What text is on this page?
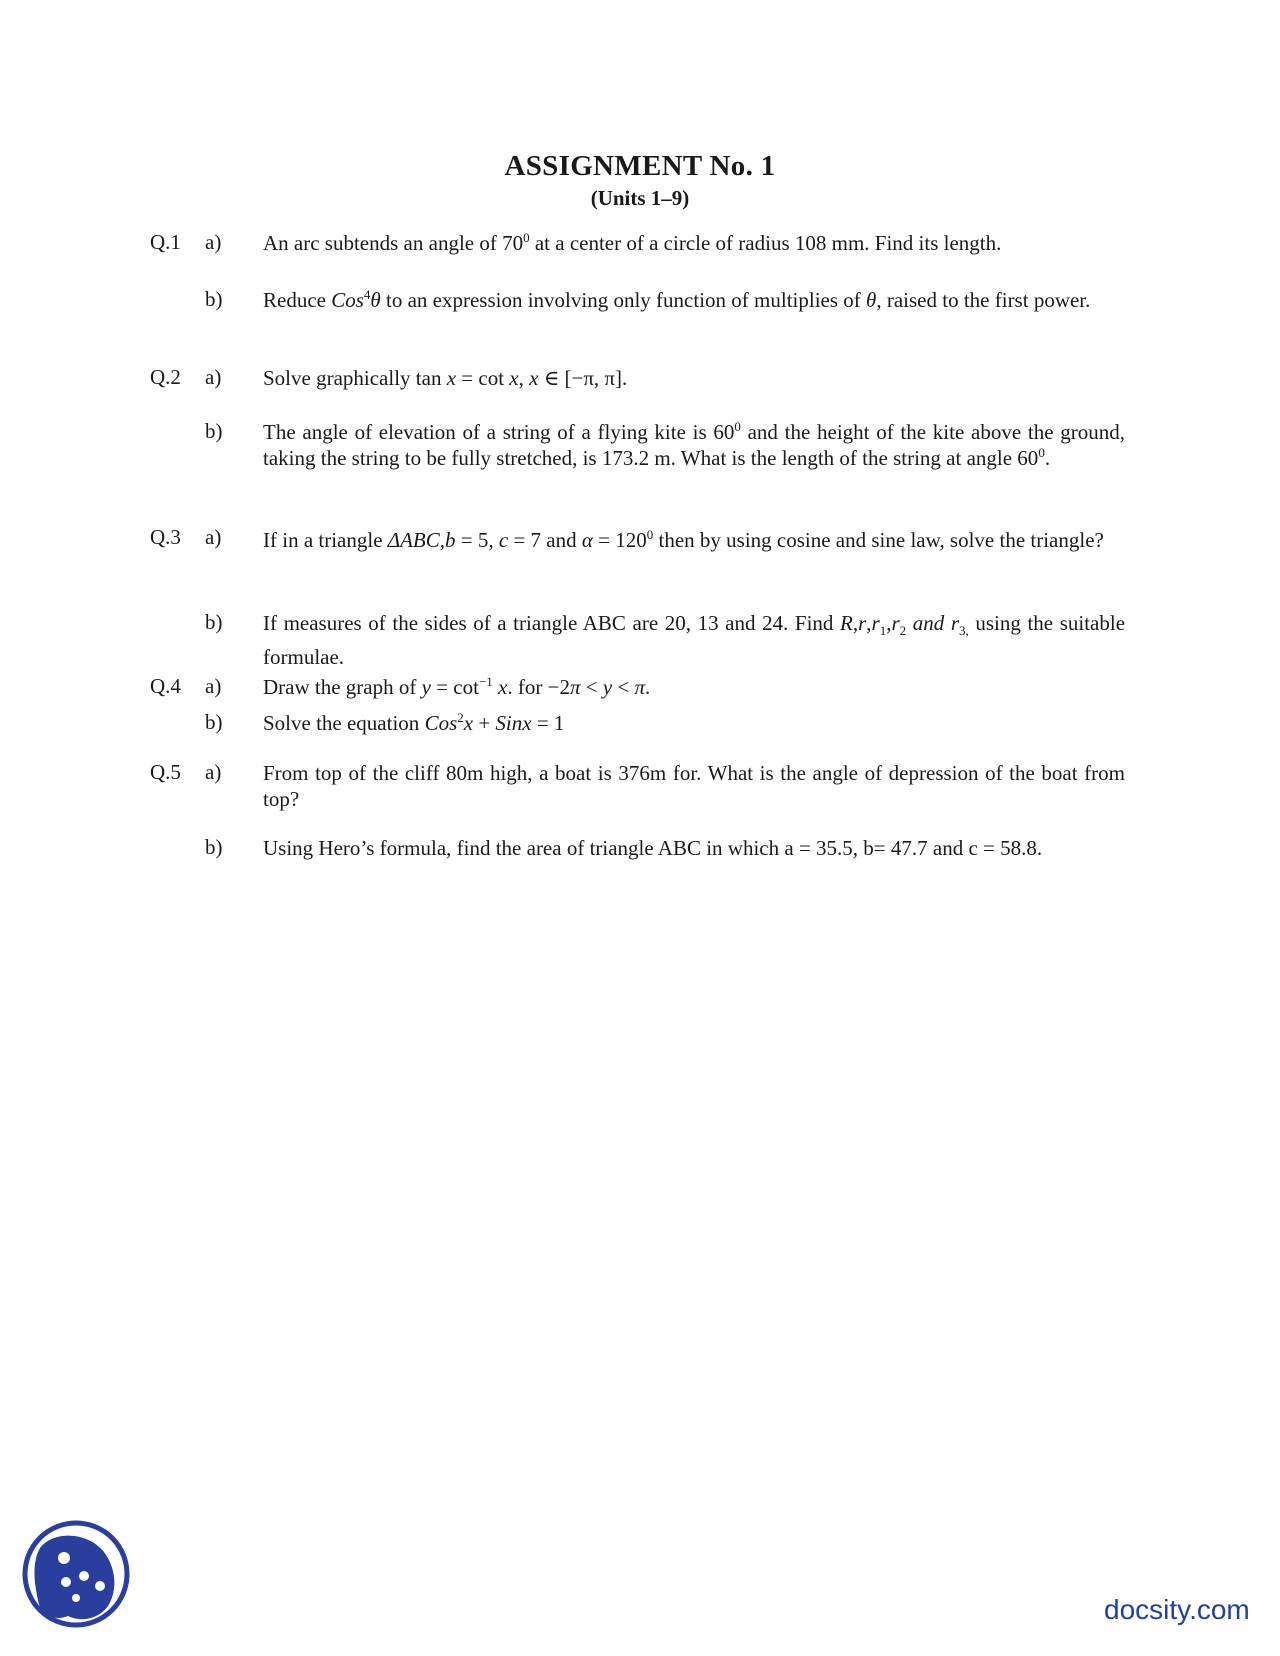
ASSIGNMENT No. 1
(Units 1–9)
Q.1 a) An arc subtends an angle of $70^0$ at a center of a circle of radius 108 mm. Find its length.
b) Reduce Cos$^4$θ to an expression involving only function of multiplies of θ, raised to the first power.
Q.2 a) Solve graphically tan x = cot x, x ∈ [−π, π].
b) The angle of elevation of a string of a flying kite is $60^0$ and the height of the kite above the ground, taking the string to be fully stretched, is 173.2 m. What is the length of the string at angle $60^0$.
Q.3 a) If in a triangle ΔABC,b = 5, c = 7 and $\alpha = 120^0$ then by using cosine and sine law, solve the triangle?
b) If measures of the sides of a triangle ABC are 20, 13 and 24. Find $R,r,r_1,r_2$ and $r_{3,}$ using the suitable formulae.
Q.4 a) Draw the graph of $y = \cot^{-1} x$. for −2π < y < π.
b) Solve the equation Cos$^2$x + Sinx = 1
Q.5 a) From top of the cliff 80m high, a boat is 376m for. What is the angle of depression of the boat from top?
b) Using Hero’s formula, find the area of triangle ABC in which a = 35.5, b= 47.7 and c = 58.8.
docsity.com
